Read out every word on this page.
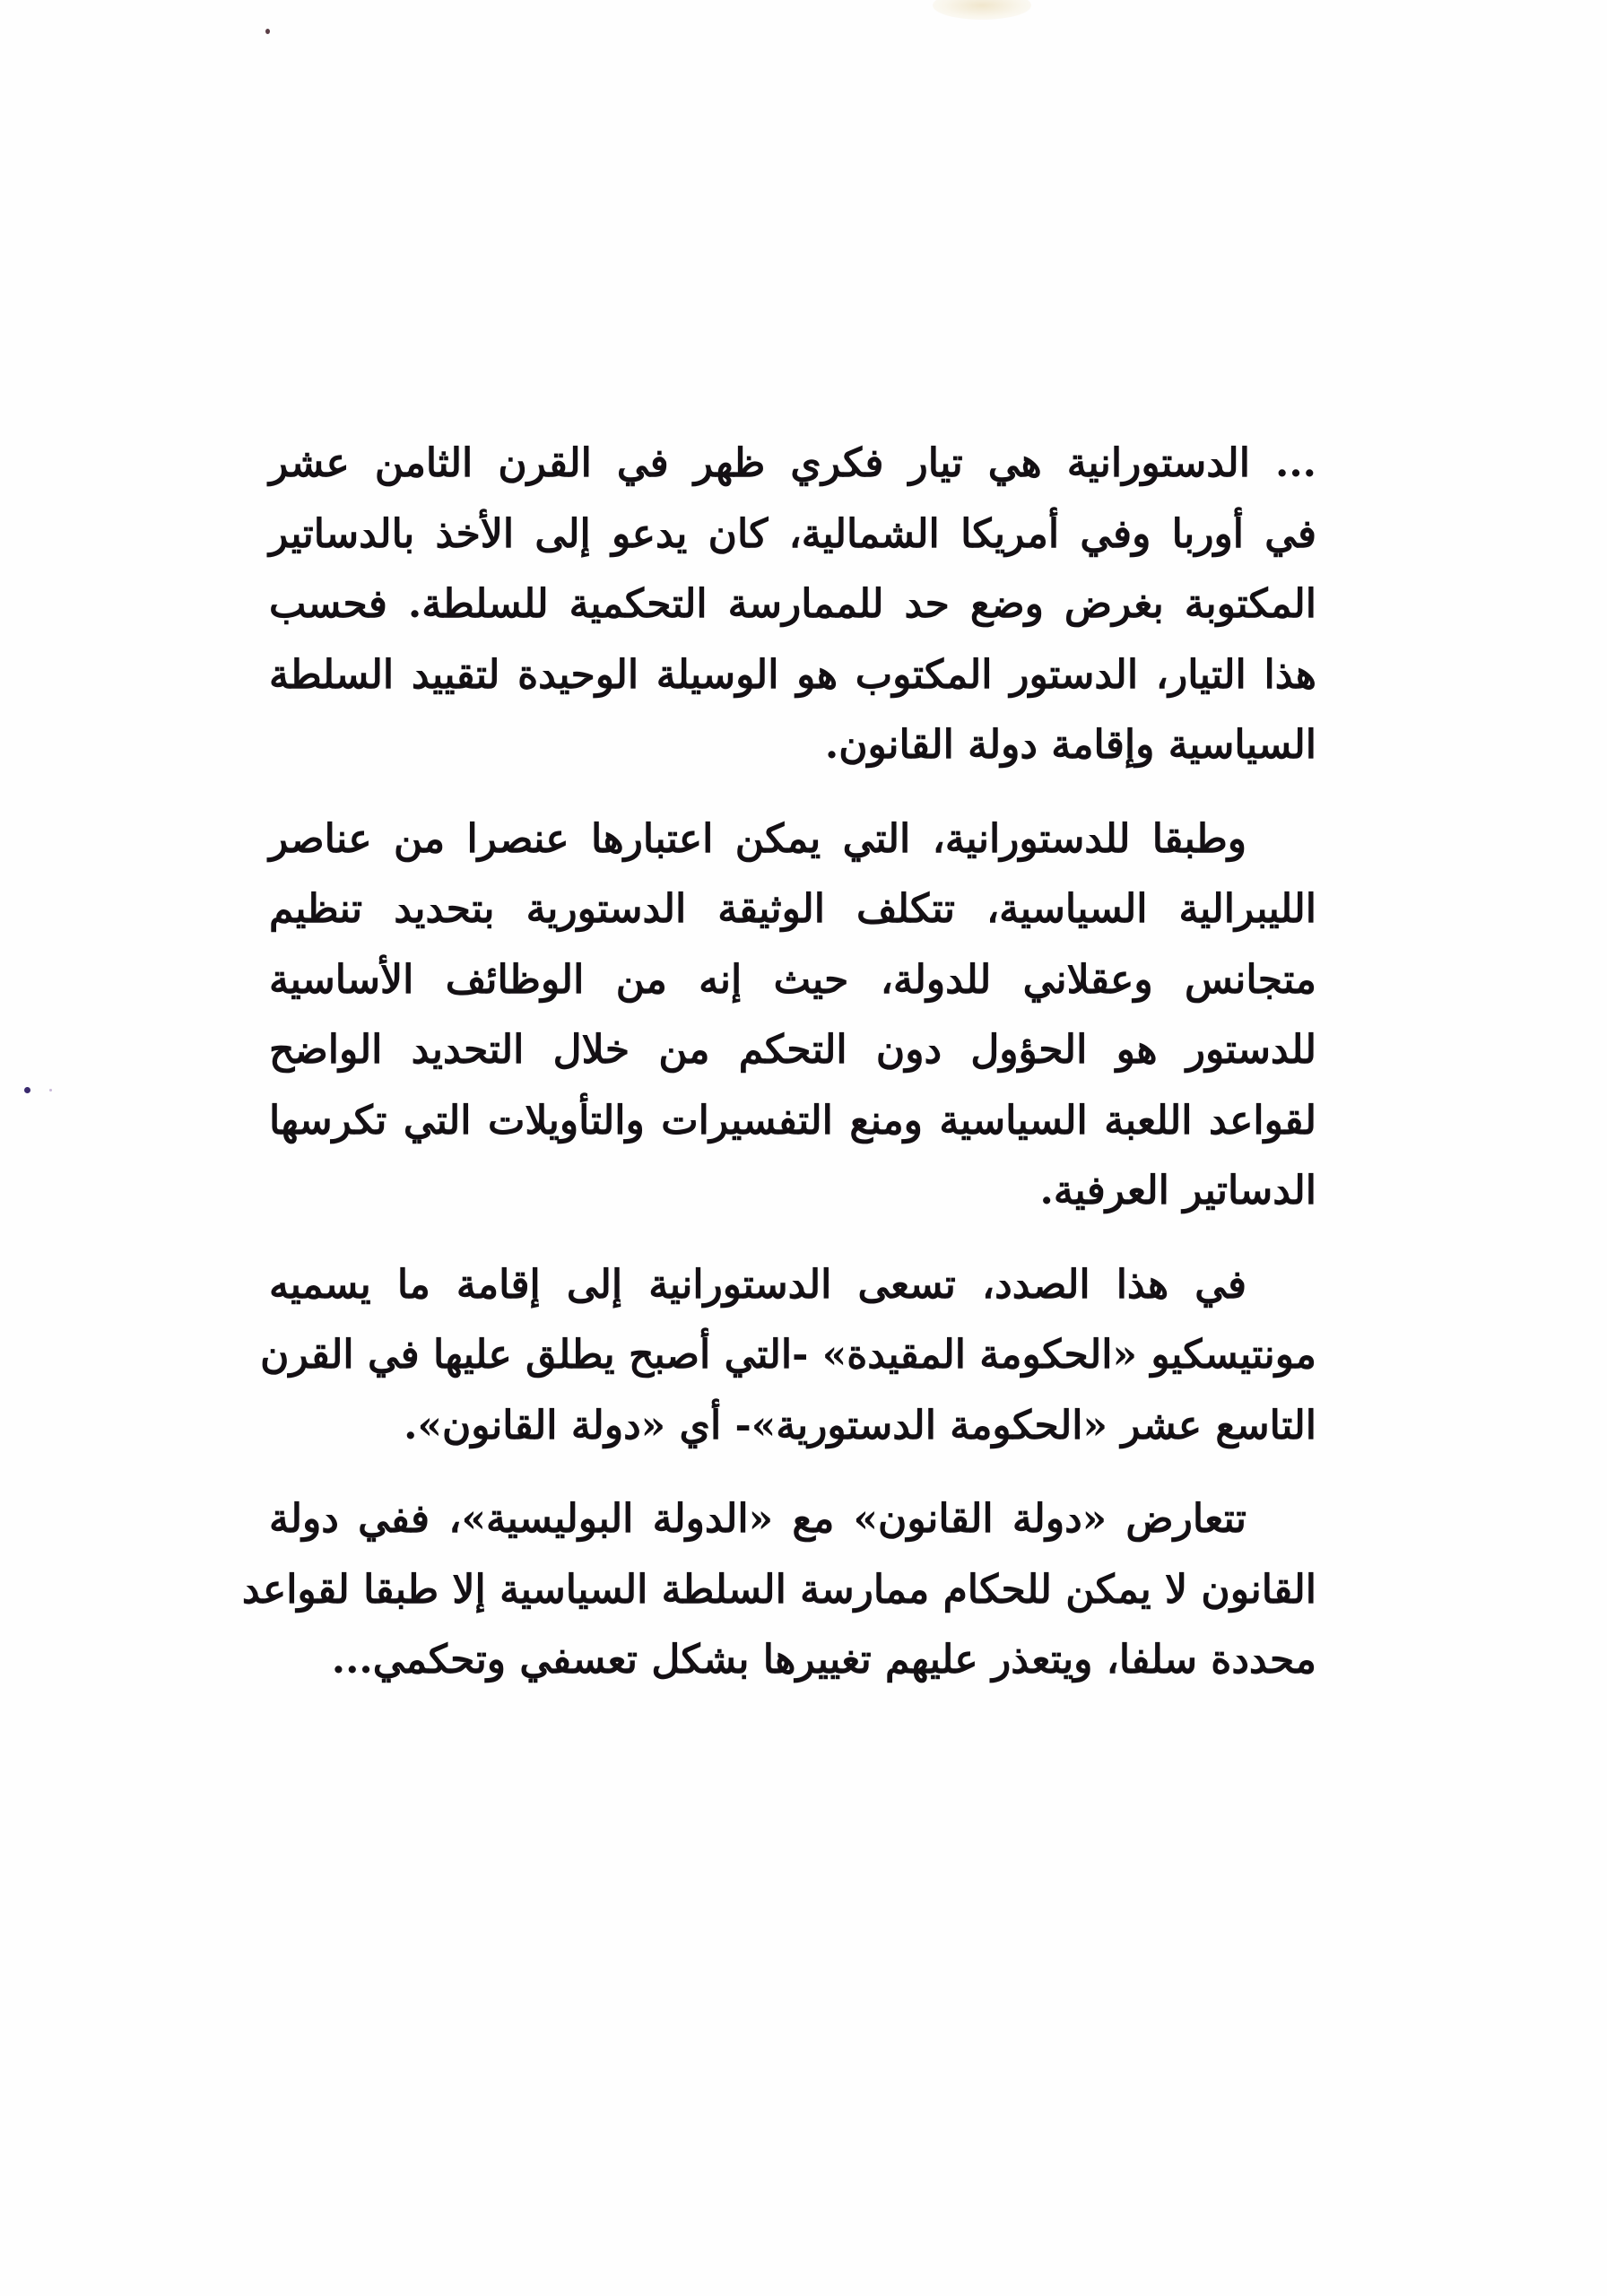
... الدستورانية هي تيار فكري ظهر في القرن الثامن عشر
في أوربا وفي أمريكا الشمالية، كان يدعو إلى الأخذ بالدساتير
المكتوبة بغرض وضع حد للممارسة التحكمية للسلطة. فحسب
هذا التيار، الدستور المكتوب هو الوسيلة الوحيدة لتقييد السلطة
السياسية وإقامة دولة القانون.
وطبقا للدستورانية، التي يمكن اعتبارها عنصرا من عناصر
الليبرالية السياسية، تتكلف الوثيقة الدستورية بتحديد تنظيم
متجانس وعقلاني للدولة، حيث إنه من الوظائف الأساسية
للدستور هو الحؤول دون التحكم من خلال التحديد الواضح
لقواعد اللعبة السياسية ومنع التفسيرات والتأويلات التي تكرسها
الدساتير العرفية.
في هذا الصدد، تسعى الدستورانية إلى إقامة ما يسميه
مونتيسكيو «الحكومة المقيدة» -التي أصبح يطلق عليها في القرن
التاسع عشر «الحكومة الدستورية»- أي «دولة القانون».
تتعارض «دولة القانون» مع «الدولة البوليسية»، ففي دولة
القانون لا يمكن للحكام ممارسة السلطة السياسية إلا طبقا لقواعد
محددة سلفا، ويتعذر عليهم تغييرها بشكل تعسفي وتحكمي...
